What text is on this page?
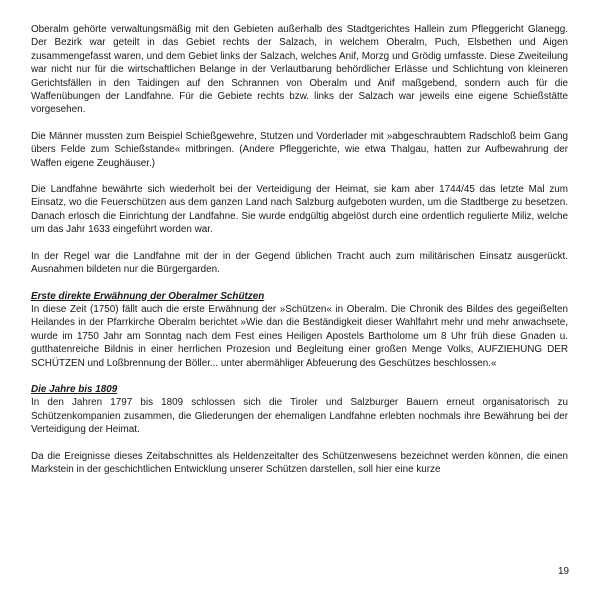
Oberalm gehörte verwaltungsmäßig mit den Gebieten außerhalb des Stadtgerichtes Hallein zum Pfleggericht Glanegg. Der Bezirk war geteilt in das Gebiet rechts der Salzach, in welchem Oberalm, Puch, Elsbethen und Aigen zusammengefasst waren, und dem Gebiet links der Salzach, welches Anif, Morzg und Grödig umfasste. Diese Zweiteilung war nicht nur für die wirtschaftlichen Belange in der Verlautbarung behördlicher Erlässe und Schlichtung von kleineren Gerichtsfällen in den Taidingen auf den Schrannen von Oberalm und Anif maßgebend, sondern auch für die Waffenübungen der Landfahne. Für die Gebiete rechts bzw. links der Salzach war jeweils eine eigene Schießstätte vorgesehen.

Die Männer mussten zum Beispiel Schießgewehre, Stutzen und Vorderlader mit »abgeschraubtem Radschloß beim Gang übers Felde zum Schießstande« mitbringen. (Andere Pfleggerichte, wie etwa Thalgau, hatten zur Aufbewahrung der Waffen eigene Zeughäuser.)

Die Landfahne bewährte sich wiederholt bei der Verteidigung der Heimat, sie kam aber 1744/45 das letzte Mal zum Einsatz, wo die Feuerschützen aus dem ganzen Land nach Salzburg aufgeboten wurden, um die Stadtberge zu besetzen. Danach erlosch die Einrichtung der Landfahne. Sie wurde endgültig abgelöst durch eine ordentlich regulierte Miliz, welche um das Jahr 1633 eingeführt worden war.

In der Regel war die Landfahne mit der in der Gegend üblichen Tracht auch zum militärischen Einsatz ausgerückt. Ausnahmen bildeten nur die Bürgergarden.

Erste direkte Erwähnung der Oberalmer Schützen

In diese Zeit (1750) fällt auch die erste Erwähnung der »Schützen« in Oberalm. Die Chronik des Bildes des gegeißelten Heilandes in der Pfarrkirche Oberalm berichtet »Wie dan die Beständigkeit dieser Wahlfahrt mehr und mehr anwachsete, wurde im 1750 Jahr am Sonntag nach dem Fest eines Heiligen Apostels Bartholome um 8 Uhr früh diese Gnaden u. gutthatenreiche Bildnis in einer herrlichen Prozesion und Begleitung einer großen Menge Volks, AUFZIEHUNG DER SCHÜTZEN und Loßbrennung der Böller... unter abermähliger Abfeuerung des Geschützes beschlossen.«

Die Jahre bis 1809

In den Jahren 1797 bis 1809 schlossen sich die Tiroler und Salzburger Bauern erneut organisatorisch zu Schützenkompanien zusammen, die Gliederungen der ehemaligen Landfahne erlebten nochmals ihre Bewährung bei der Verteidigung der Heimat.

Da die Ereignisse dieses Zeitabschnittes als Heldenzeitalter des Schützenwesens bezeichnet werden können, die einen Markstein in der geschichtlichen Entwicklung unserer Schützen darstellen, soll hier eine kurze

19
